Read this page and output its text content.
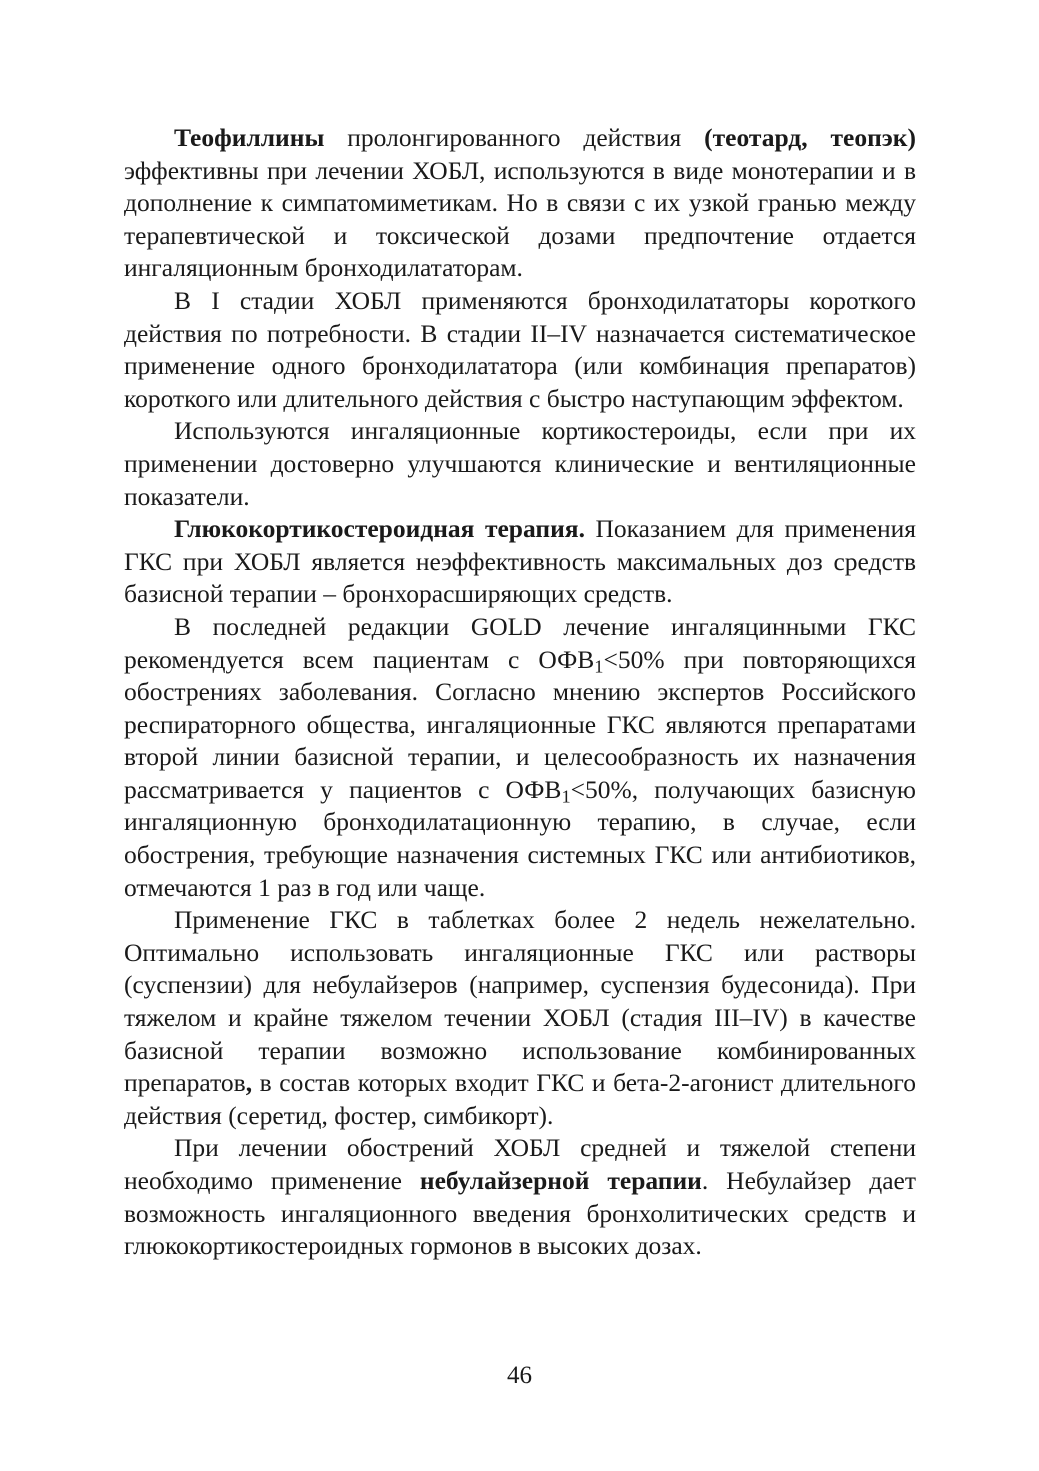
Теофиллины пролонгированного действия (теотард, теопэк) эффективны при лечении ХОБЛ, используются в виде монотерапии и в дополнение к симпатомиметикам. Но в связи с их узкой гранью между терапевтической и токсической дозами предпочтение отдается ингаляционным бронходилататорам.

В I стадии ХОБЛ применяются бронходилататоры короткого действия по потребности. В стадии II–IV назначается систематическое применение одного бронходилататора (или комбинация препаратов) короткого или длительного действия с быстро наступающим эффектом.

Используются ингаляционные кортикостероиды, если при их применении достоверно улучшаются клинические и вентиляционные показатели.

Глюкокортикостероидная терапия. Показанием для применения ГКС при ХОБЛ является неэффективность максимальных доз средств базисной терапии – бронхорасширяющих средств.

В последней редакции GOLD лечение ингаляцинными ГКС рекомендуется всем пациентам с $ОФВ_1<50\%$ при повторяющихся обострениях заболевания. Согласно мнению экспертов Российского респираторного общества, ингаляционные ГКС являются препаратами второй линии базисной терапии, и целесообразность их назначения рассматривается у пациентов с $ОФВ_1<50\%$, получающих базисную ингаляционную бронходилатационную терапию, в случае, если обострения, требующие назначения системных ГКС или антибиотиков, отмечаются 1 раз в год или чаще.

Применение ГКС в таблетках более 2 недель нежелательно. Оптимально использовать ингаляционные ГКС или растворы (суспензии) для небулайзеров (например, суспензия будесонида). При тяжелом и крайне тяжелом течении ХОБЛ (стадия III–IV) в качестве базисной терапии возможно использование комбинированных препаратов, в состав которых входит ГКС и бета-2-агонист длительного действия (серетид, фостер, симбикорт).

При лечении обострений ХОБЛ средней и тяжелой степени необходимо применение небулайзерной терапии. Небулайзер дает возможность ингаляционного введения бронхолитических средств и глюкокортикостероидных гормонов в высоких дозах.

46
